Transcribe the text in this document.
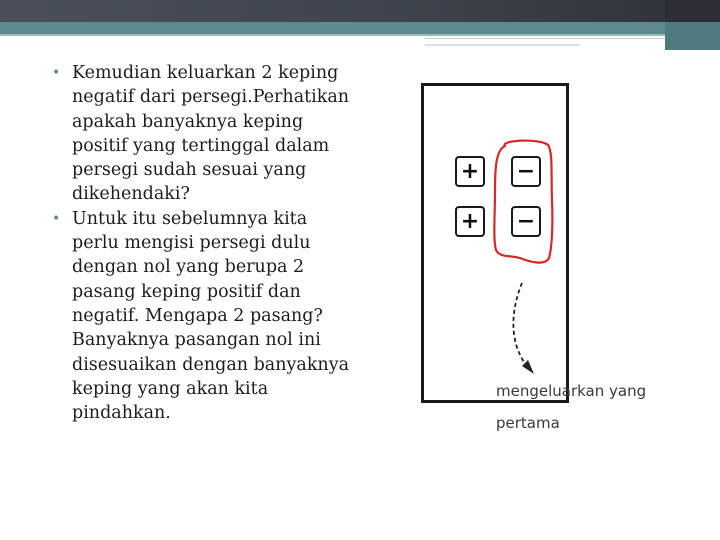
• Kemudian keluarkan 2 keping
negatif dari persegi.Perhatikan
apakah banyaknya keping
positif yang tertinggal dalam
persegi sudah sesuai yang
dikehendaki?
• Untuk itu sebelumnya kita
perlu mengisi persegi dulu
dengan nol yang berupa 2
pasang keping positif dan
negatif. Mengapa 2 pasang?
Banyaknya pasangan nol ini
disesuaikan dengan banyaknya
keping yang akan kita
pindahkan.
+ −
+ −
mengeluarkan yang
pertama
